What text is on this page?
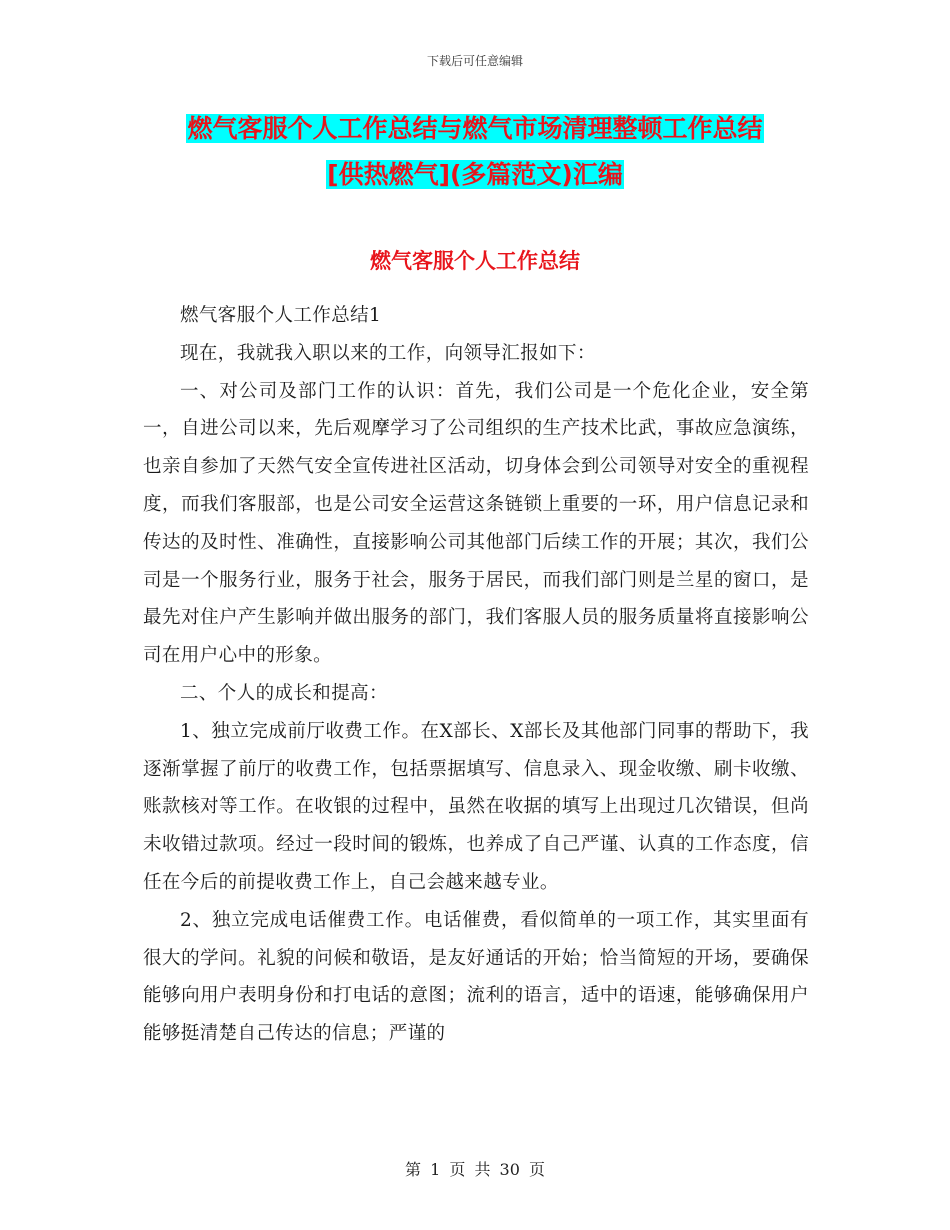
下载后可任意编辑
燃气客服个人工作总结与燃气市场清理整顿工作总结
[供热燃气](多篇范文)汇编
燃气客服个人工作总结

燃气客服个人工作总结1

现在，我就我入职以来的工作，向领导汇报如下：

一、对公司及部门工作的认识：首先，我们公司是一个危化企业，安全第一，自进公司以来，先后观摩学习了公司组织的生产技术比武，事故应急演练，也亲自参加了天然气安全宣传进社区活动，切身体会到公司领导对安全的重视程度，而我们客服部，也是公司安全运营这条链锁上重要的一环，用户信息记录和传达的及时性、准确性，直接影响公司其他部门后续工作的开展；其次，我们公司是一个服务行业，服务于社会，服务于居民，而我们部门则是兰星的窗口，是最先对住户产生影响并做出服务的部门，我们客服人员的服务质量将直接影响公司在用户心中的形象。

二、个人的成长和提高：

1、独立完成前厅收费工作。在X部长、X部长及其他部门同事的帮助下，我逐渐掌握了前厅的收费工作，包括票据填写、信息录入、现金收缴、刷卡收缴、账款核对等工作。在收银的过程中，虽然在收据的填写上出现过几次错误，但尚未收错过款项。经过一段时间的锻炼，也养成了自己严谨、认真的工作态度，信任在今后的前提收费工作上，自己会越来越专业。

2、独立完成电话催费工作。电话催费，看似简单的一项工作，其实里面有很大的学问。礼貌的问候和敬语，是友好通话的开始；恰当简短的开场，要确保能够向用户表明身份和打电话的意图；流利的语言，适中的语速，能够确保用户能够挺清楚自己传达的信息；严谨的

第 1 页 共 30 页
